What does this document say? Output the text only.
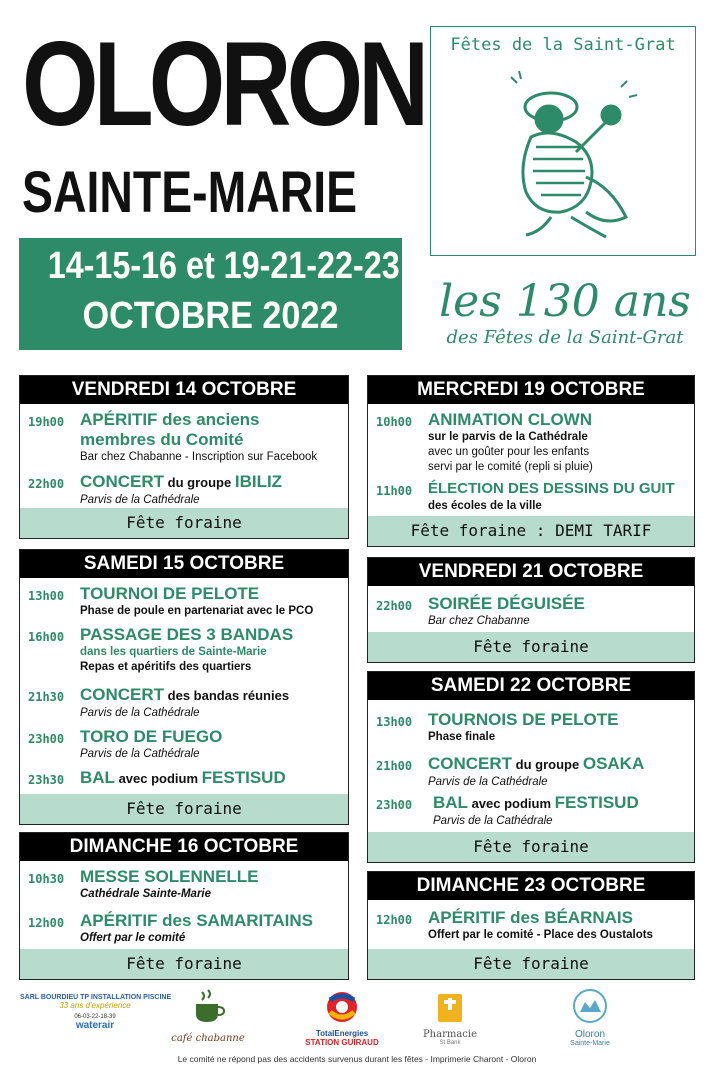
OLORON
SAINTE-MARIE
14-15-16 et 19-21-22-23
OCTOBRE 2022
Fêtes de la Saint-Grat
les 130 ans
des Fêtes de la Saint-Grat
VENDREDI 14 OCTOBRE
19h00 APÉRITIF des anciens
membres du Comité
Bar chez Chabanne - Inscription sur Facebook
22h00 CONCERT du groupe IBILIZ
Parvis de la Cathédrale
Fête foraine
SAMEDI 15 OCTOBRE
13h00 TOURNOI DE PELOTE
Phase de poule en partenariat avec le PCO
16h00 PASSAGE DES 3 BANDAS
dans les quartiers de Sainte-Marie
Repas et apéritifs des quartiers
21h30 CONCERT des bandas réunies
Parvis de la Cathédrale
23h00 TORO DE FUEGO
Parvis de la Cathédrale
23h30 BAL avec podium FESTISUD
Fête foraine
DIMANCHE 16 OCTOBRE
10h30 MESSE SOLENNELLE
Cathédrale Sainte-Marie
12h00 APÉRITIF des SAMARITAINS
Offert par le comité
Fête foraine
MERCREDI 19 OCTOBRE
10h00 ANIMATION CLOWN
sur le parvis de la Cathédrale
avec un goûter pour les enfants
servi par le comité (repli si pluie)
11h00	ÉLECTION DES DESSINS DU GUIT
des écoles de la ville
Fête foraine : DEMI TARIF
VENDREDI 21 OCTOBRE
22h00 SOIRÉE DÉGUISÉE
Bar chez Chabanne
Fête foraine
SAMEDI 22 OCTOBRE
13h00 TOURNOIS DE PELOTE
Phase finale
21h00 CONCERT du groupe OSAKA
Parvis de la Cathédrale
23h00	BAL avec podium FESTISUD
Parvis de la Cathédrale
Fête foraine
DIMANCHE 23 OCTOBRE
12h00 APÉRITIF des BÉARNAIS
Offert par le comité - Place des Oustalots
Fête foraine
SARL BOURDIEU TP INSTALLATION PISCINE
33 ans d'expérience
06-03-22-18-39
waterair
café chabanne	TotalEnergies
STATION GUIRAUD
Pharmacie
St Bank
Oloron
Sainte-Marie
Le comité ne répond pas des accidents survenus durant les fêtes - Imprimerie Charont - Oloron
